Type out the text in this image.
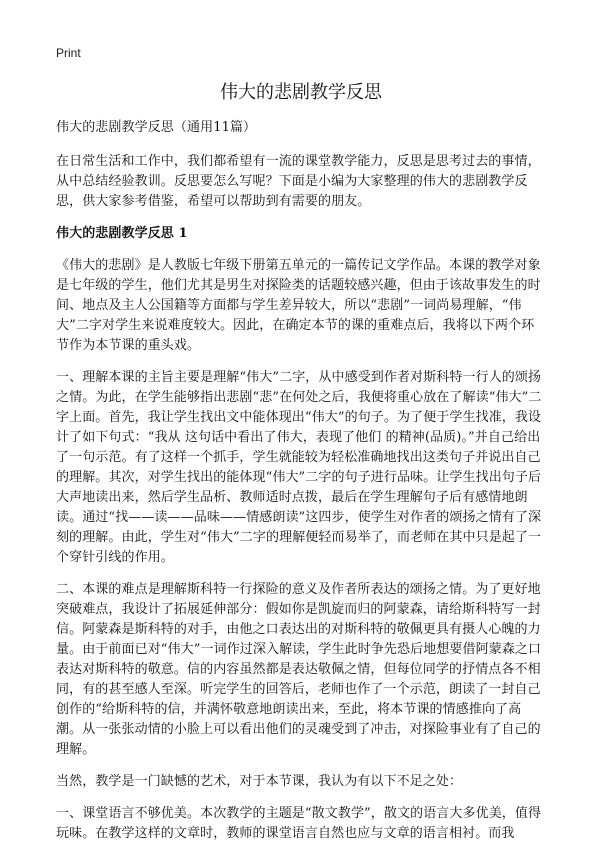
Print
伟大的悲剧教学反思

伟大的悲剧教学反思（通用11篇）

在日常生活和工作中，我们都希望有一流的课堂教学能力，反思是思考过去的事情，从中总结经验教训。反思要怎么写呢？下面是小编为大家整理的伟大的悲剧教学反思，供大家参考借鉴，希望可以帮助到有需要的朋友。

伟大的悲剧教学反思 1

《伟大的悲剧》是人教版七年级下册第五单元的一篇传记文学作品。本课的教学对象是七年级的学生，他们尤其是男生对探险类的话题较感兴趣，但由于该故事发生的时间、地点及主人公国籍等方面都与学生差异较大，所以“悲剧”一词尚易理解，“伟大”二字对学生来说难度较大。因此，在确定本节的课的重难点后，我将以下两个环节作为本节课的重头戏。

一、理解本课的主旨主要是理解“伟大”二字，从中感受到作者对斯科特一行人的颂扬之情。为此，在学生能够指出悲剧“悲”在何处之后，我便将重心放在了解读“伟大”二字上面。首先，我让学生找出文中能体现出“伟大”的句子。为了便于学生找准，我设计了如下句式：“我从 这句话中看出了伟大，表现了他们 的精神(品质)。”并自己给出了一句示范。有了这样一个抓手，学生就能较为轻松准确地找出这类句子并说出自己的理解。其次，对学生找出的能体现“伟大”二字的句子进行品味。让学生找出句子后大声地读出来，然后学生品析、教师适时点拨，最后在学生理解句子后有感情地朗读。通过“找——读——品味——情感朗读”这四步，使学生对作者的颂扬之情有了深刻的理解。由此，学生对“伟大”二字的理解便轻而易举了，而老师在其中只是起了一个穿针引线的作用。

二、本课的难点是理解斯科特一行探险的意义及作者所表达的颂扬之情。为了更好地突破难点，我设计了拓展延伸部分：假如你是凯旋而归的阿蒙森，请给斯科特写一封信。阿蒙森是斯科特的对手，由他之口表达出的对斯科特的敬佩更具有摄人心魄的力量。由于前面已对“伟大”一词作过深入解读，学生此时争先恐后地想要借阿蒙森之口表达对斯科特的敬意。信的内容虽然都是表达敬佩之情，但每位同学的抒情点各不相同，有的甚至感人至深。听完学生的回答后，老师也作了一个示范，朗读了一封自己创作的“给斯科特的信，并满怀敬意地朗读出来，至此，将本节课的情感推向了高潮。从一张张动情的小脸上可以看出他们的灵魂受到了冲击，对探险事业有了自己的理解。

当然，教学是一门缺憾的艺术，对于本节课，我认为有以下不足之处：

一、课堂语言不够优美。本次教学的主题是“散文教学”，散文的语言大多优美，值得玩味。在教学这样的文章时，教师的课堂语言自然也应与文章的语言相衬。而我
